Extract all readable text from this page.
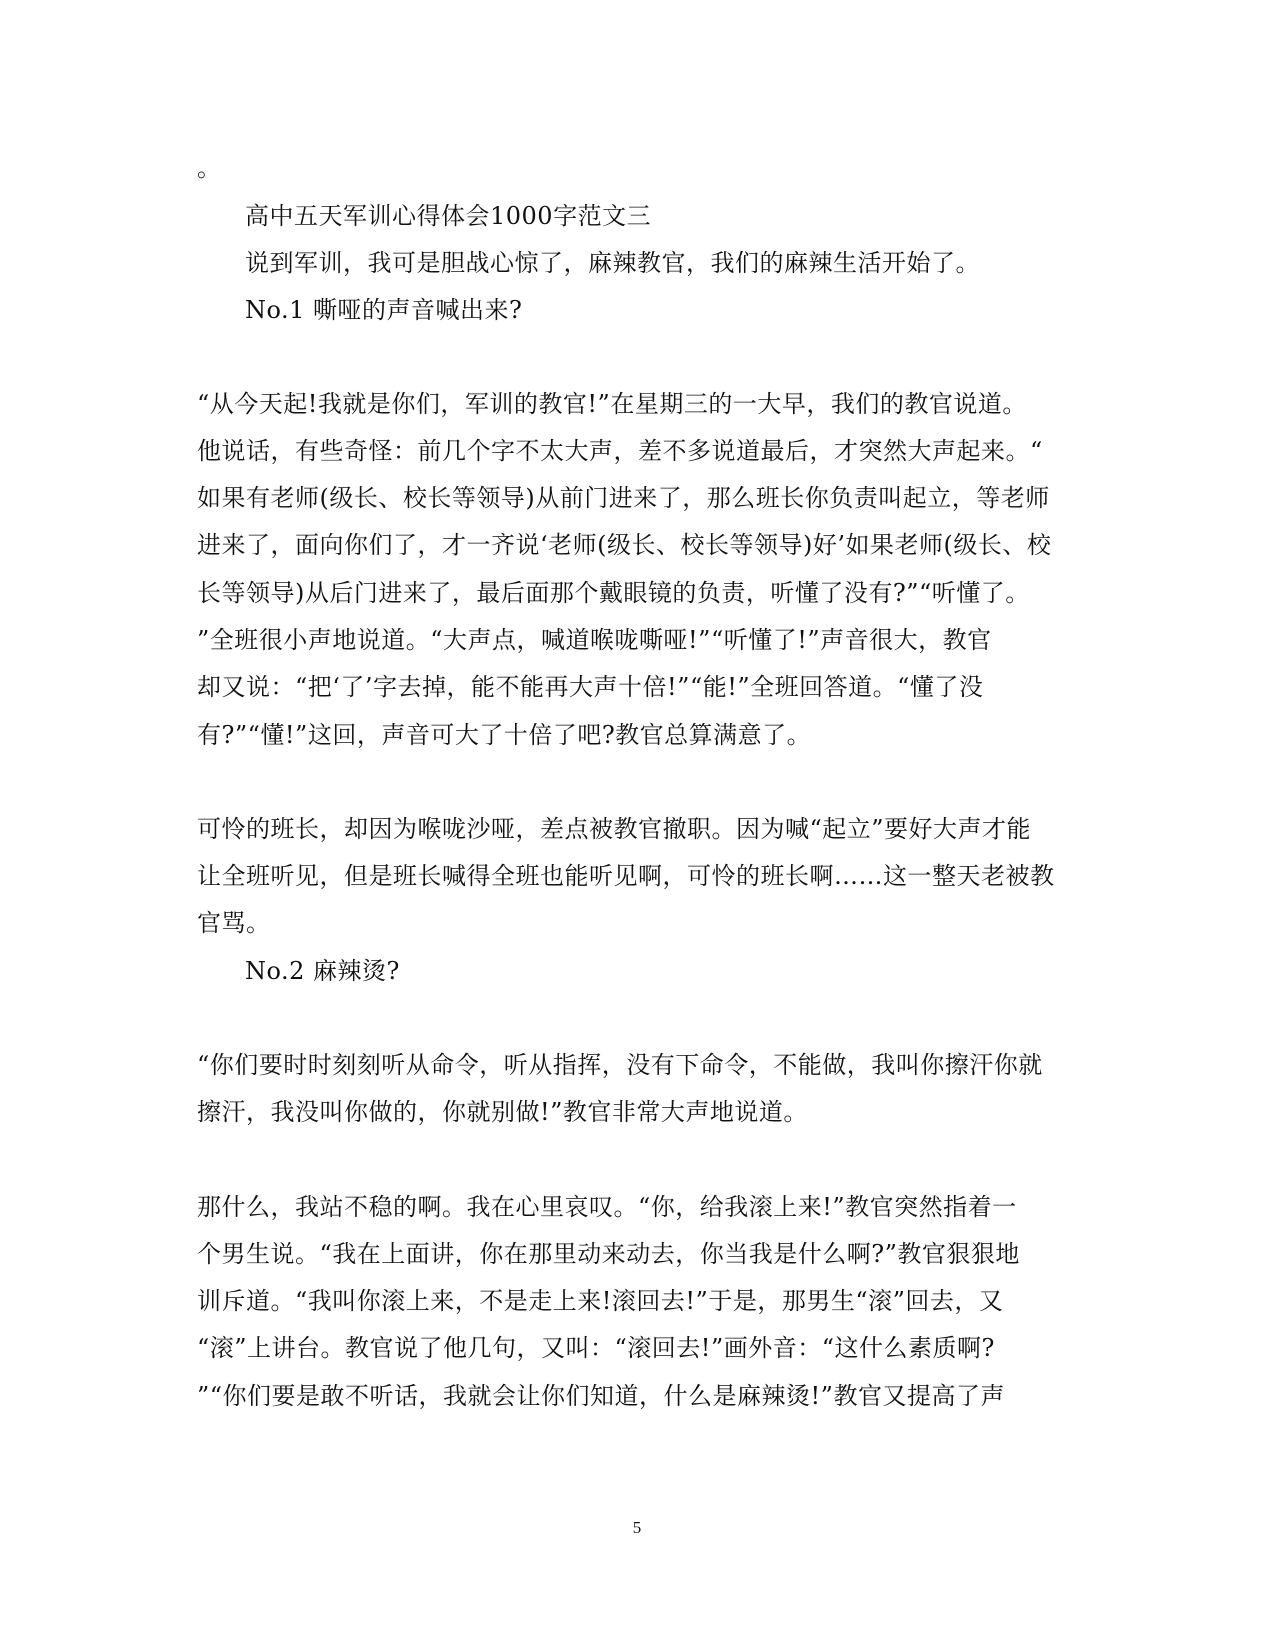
。
高中五天军训心得体会1000字范文三
说到军训，我可是胆战心惊了，麻辣教官，我们的麻辣生活开始了。
No.1 嘶哑的声音喊出来?
“从今天起!我就是你们，军训的教官!”在星期三的一大早，我们的教官说道。
他说话，有些奇怪：前几个字不太大声，差不多说道最后，才突然大声起来。“
如果有老师(级长、校长等领导)从前门进来了，那么班长你负责叫起立，等老师
进来了，面向你们了，才一齐说‘老师(级长、校长等领导)好’如果老师(级长、校
长等领导)从后门进来了，最后面那个戴眼镜的负责，听懂了没有?”“听懂了。
”全班很小声地说道。“大声点，喊道喉咙嘶哑!”“听懂了!”声音很大，教官
却又说：“把‘了’字去掉，能不能再大声十倍!”“能!”全班回答道。“懂了没
有?”“懂!”这回，声音可大了十倍了吧?教官总算满意了。
可怜的班长，却因为喉咙沙哑，差点被教官撤职。因为喊“起立”要好大声才能
让全班听见，但是班长喊得全班也能听见啊，可怜的班长啊……这一整天老被教
官骂。
No.2 麻辣烫?
“你们要时时刻刻听从命令，听从指挥，没有下命令，不能做，我叫你擦汗你就
擦汗，我没叫你做的，你就别做!”教官非常大声地说道。
那什么，我站不稳的啊。我在心里哀叹。“你，给我滚上来!”教官突然指着一
个男生说。“我在上面讲，你在那里动来动去，你当我是什么啊?”教官狠狠地
训斥道。“我叫你滚上来，不是走上来!滚回去!”于是，那男生“滚”回去，又
“滚”上讲台。教官说了他几句，又叫：“滚回去!”画外音：“这什么素质啊?
”“你们要是敢不听话，我就会让你们知道，什么是麻辣烫!”教官又提高了声
5
